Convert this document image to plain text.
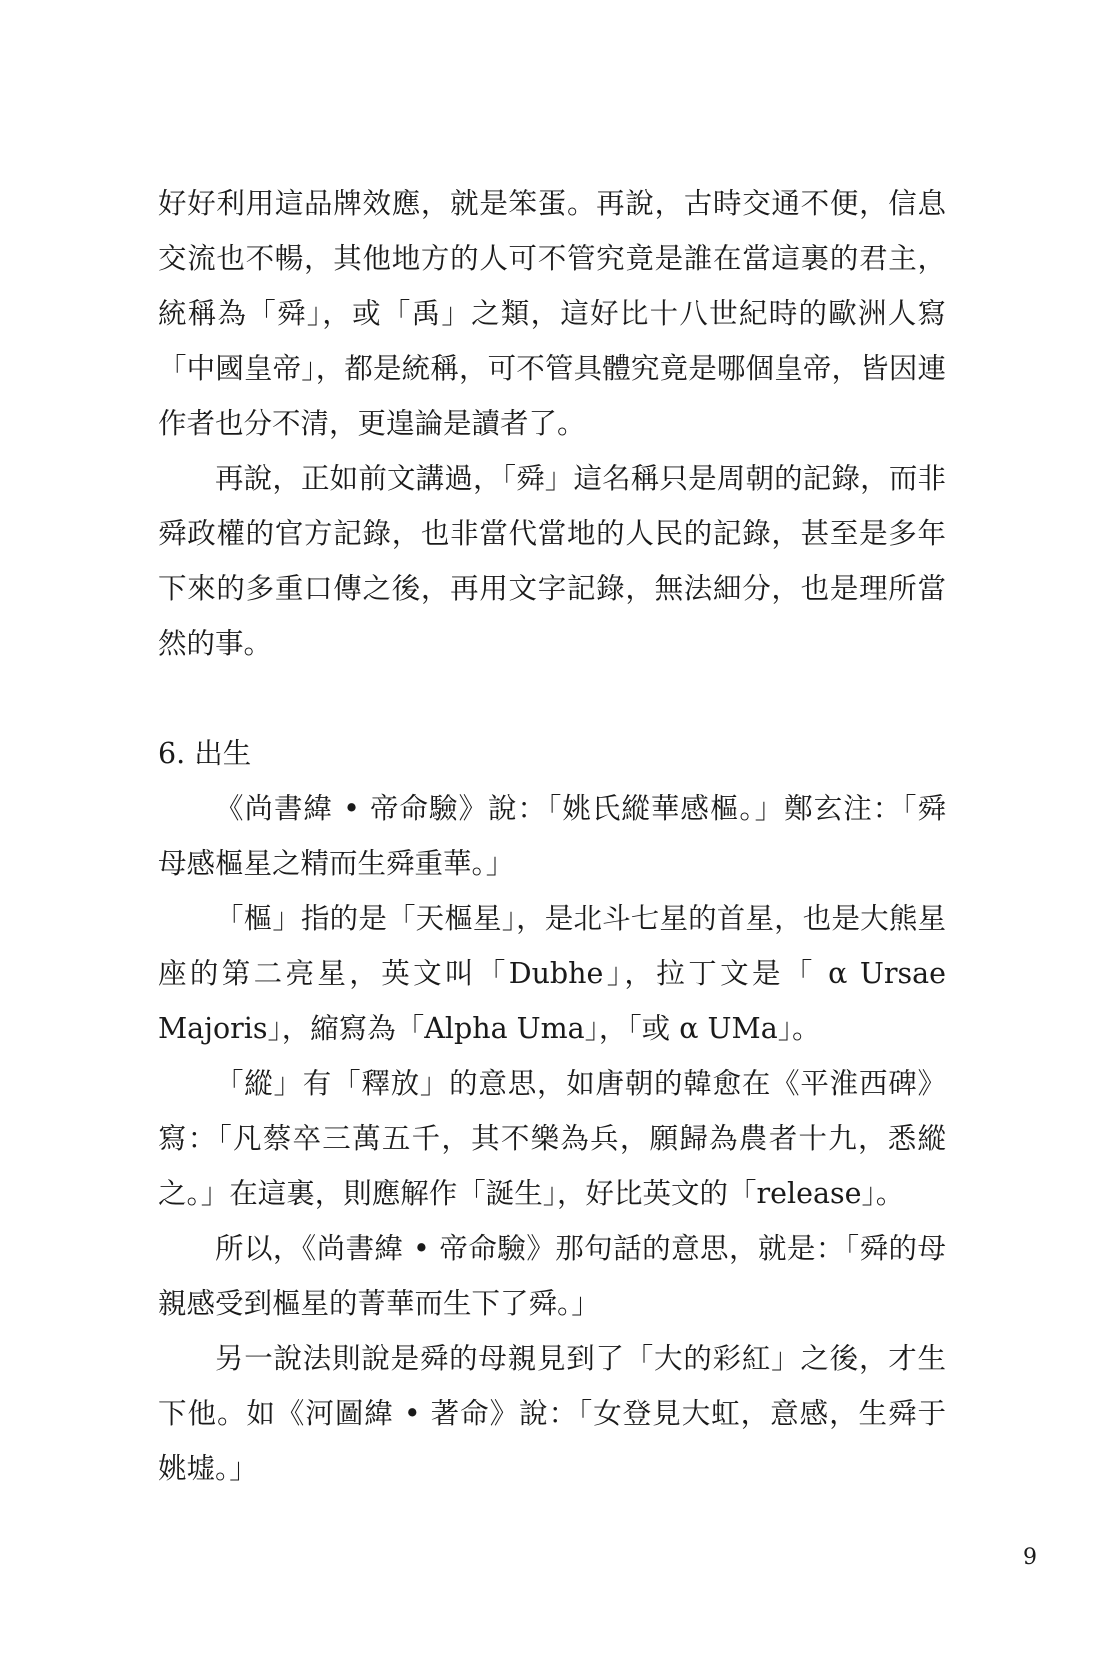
好好利用這品牌效應，就是笨蛋。再說，古時交通不便，信息交流也不暢，其他地方的人可不管究竟是誰在當這裏的君主，統稱為「舜」，或「禹」之類，這好比十八世紀時的歐洲人寫「中國皇帝」，都是統稱，可不管具體究竟是哪個皇帝，皆因連作者也分不清，更遑論是讀者了。

再說，正如前文講過，「舜」這名稱只是周朝的記錄，而非舜政權的官方記錄，也非當代當地的人民的記錄，甚至是多年下來的多重口傳之後，再用文字記錄，無法細分，也是理所當然的事。

6. 出生

《尚書緯 • 帝命驗》說：「姚氏縱華感樞。」鄭玄注：「舜母感樞星之精而生舜重華。」

「樞」指的是「天樞星」，是北斗七星的首星，也是大熊星座的第二亮星，英文叫「Dubhe」，拉丁文是「 α Ursae Majoris」，縮寫為「Alpha Uma」，「或 α UMa」。

「縱」有「釋放」的意思，如唐朝的韓愈在《平淮西碑》寫：「凡蔡卒三萬五千，其不樂為兵，願歸為農者十九，悉縱之。」在這裏，則應解作「誕生」，好比英文的「release」。

所以，《尚書緯 • 帝命驗》那句話的意思，就是：「舜的母親感受到樞星的菁華而生下了舜。」

另一說法則說是舜的母親見到了「大的彩紅」之後，才生下他。如《河圖緯 • 著命》說：「女登見大虹，意感，生舜于姚墟。」

9
